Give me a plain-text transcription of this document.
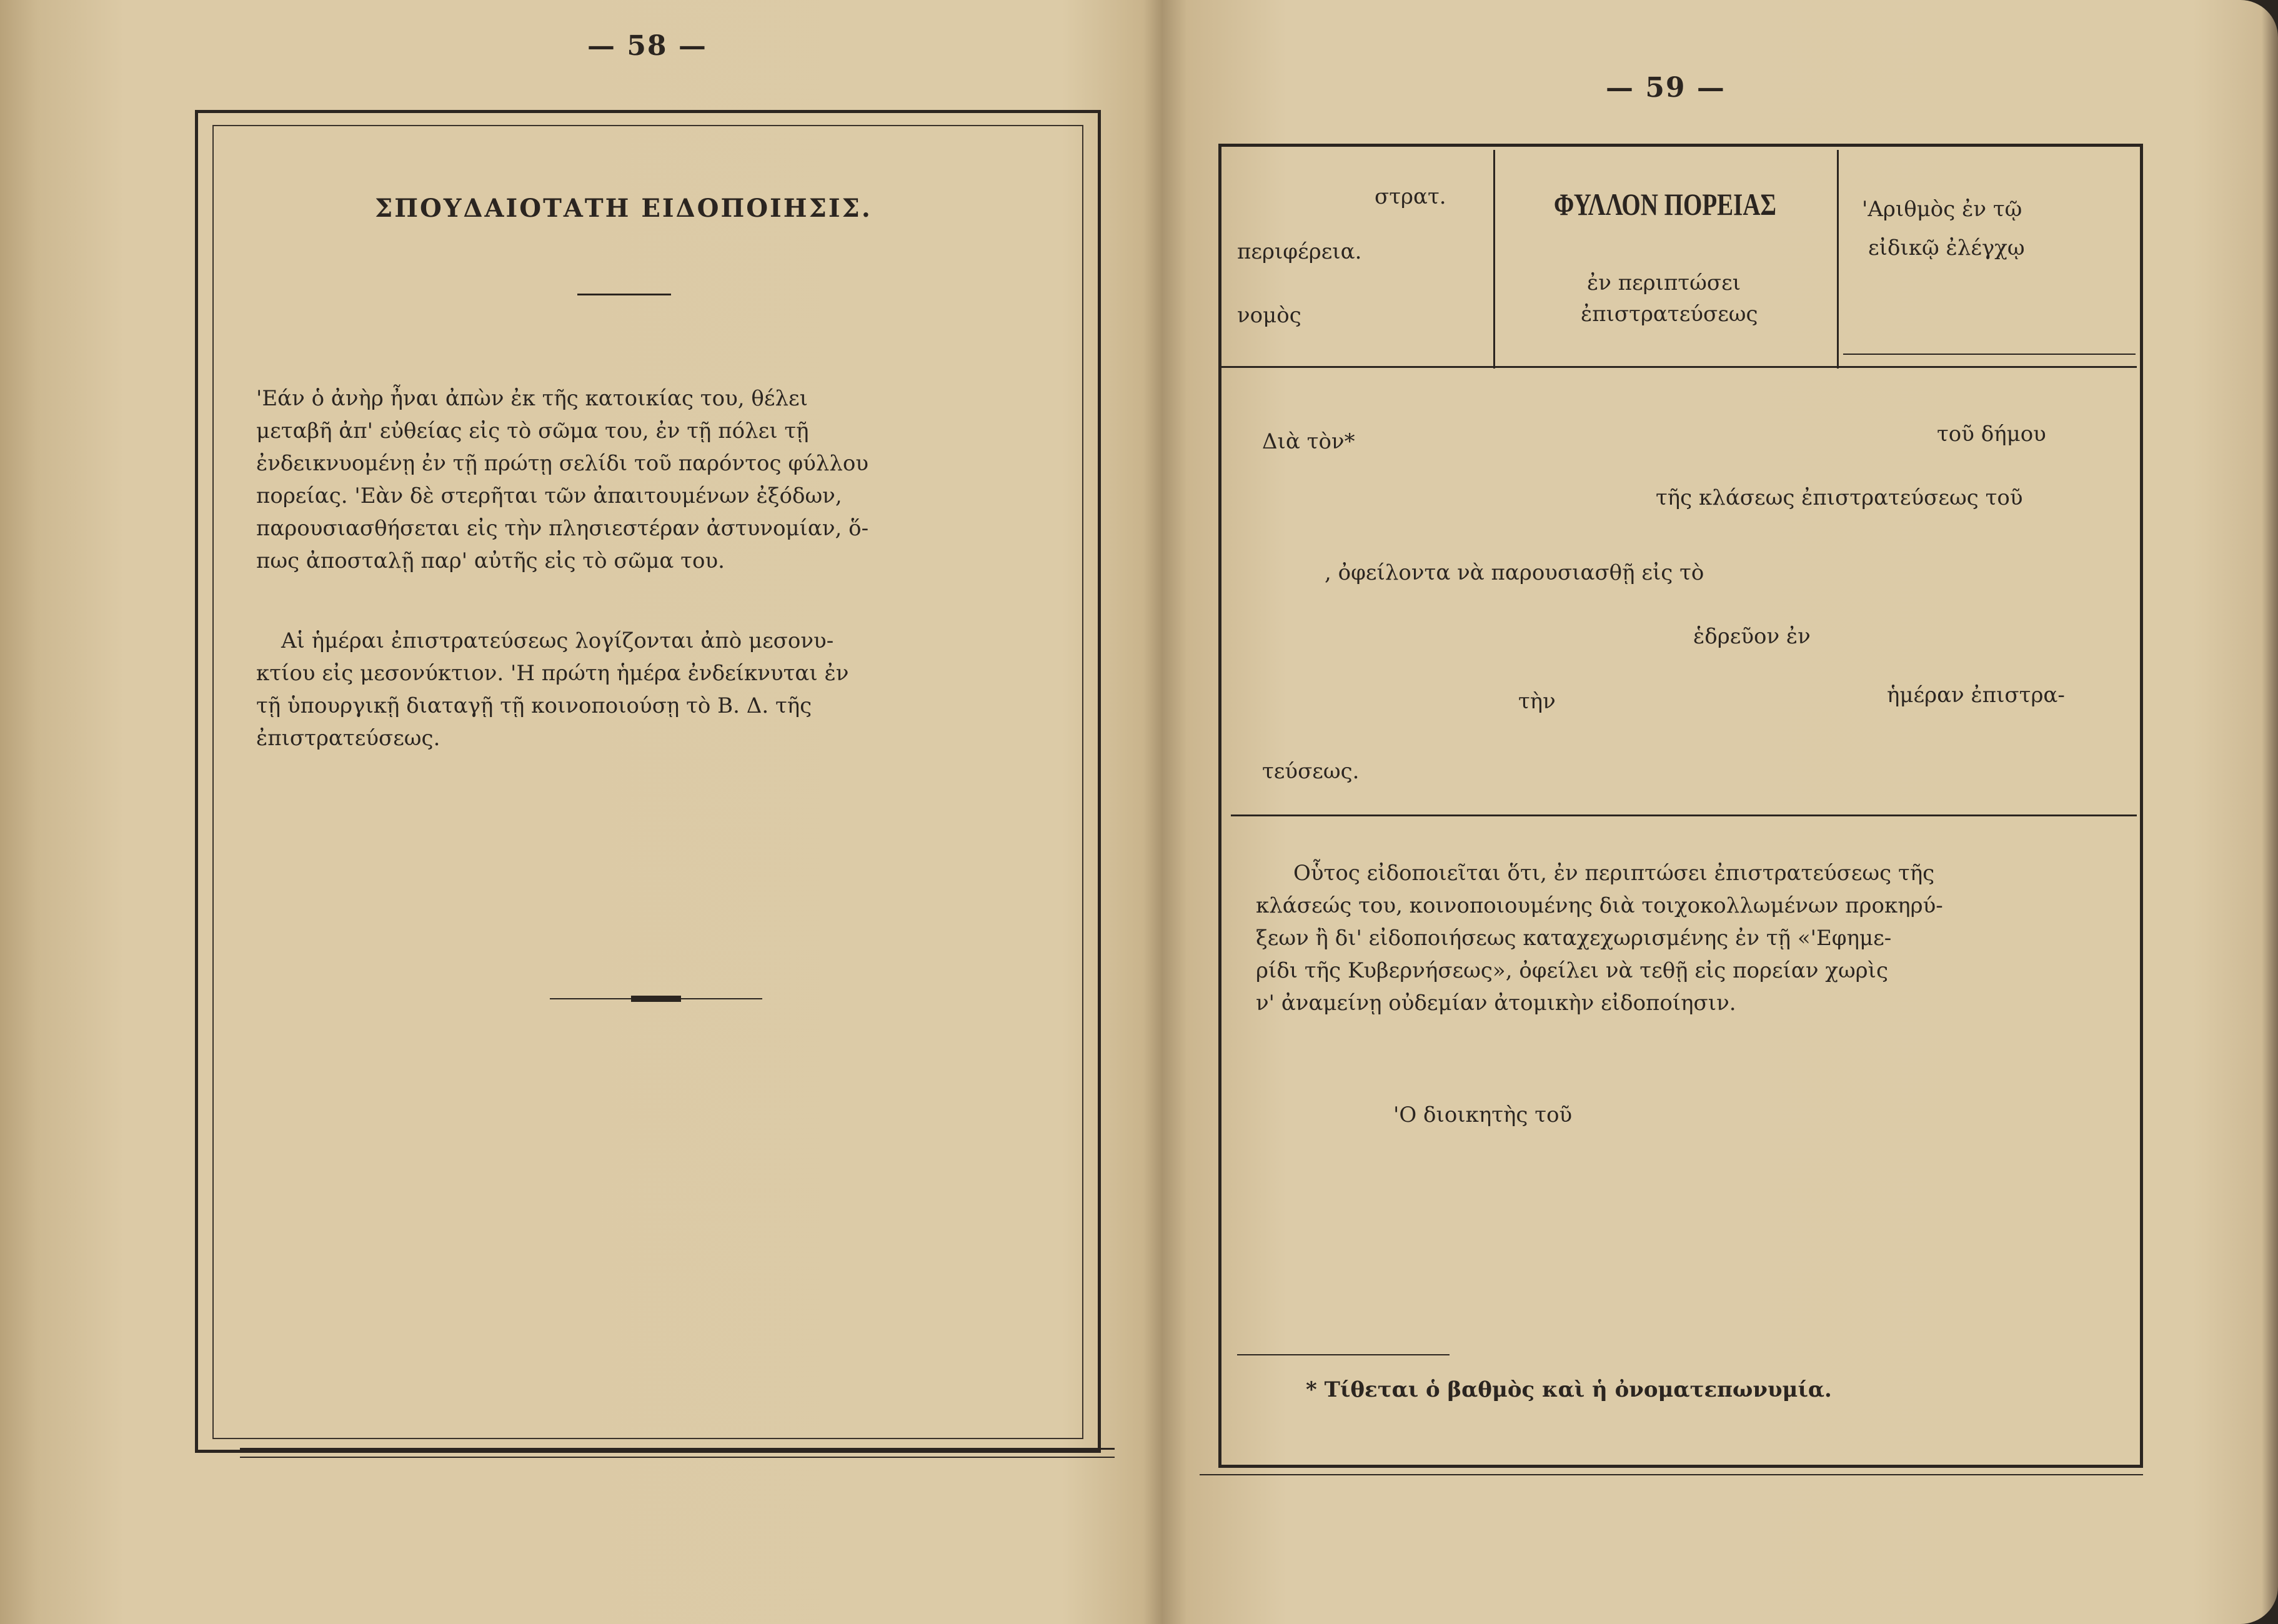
— 58 —
ΣΠΟΥΔΑΙΟΤΑΤΗ ΕΙΔΟΠΟΙΗΣΙΣ.
'Εάν ὁ ἀνὴρ ἦναι ἀπὼν ἐκ τῆς κατοικίας του, θέλει
μεταβῆ ἀπ' εὐθείας εἰς τὸ σῶμα του, ἐν τῇ πόλει τῇ
ἐνδεικνυομένῃ ἐν τῇ πρώτῃ σελίδι τοῦ παρόντος φύλλου
πορείας. 'Εὰν δὲ στερῆται τῶν ἀπαιτουμένων ἐξόδων,
παρουσιασθήσεται εἰς τὴν πλησιεστέραν ἀστυνομίαν, ὅ-
πως ἀποσταλῇ παρ' αὐτῆς εἰς τὸ σῶμα του.
Αἱ ἡμέραι ἐπιστρατεύσεως λογίζονται ἀπὸ μεσονυ-
κτίου εἰς μεσονύκτιον. 'Η πρώτη ἡμέρα ἐνδείκνυται ἐν
τῇ ὑπουργικῇ διαταγῇ τῇ κοινοποιούσῃ τὸ Β. Δ. τῆς
ἐπιστρατεύσεως.
— 59 —
στρατ.
περιφέρεια.
νομὸς
ΦΥΛΛΟΝ ΠΟΡΕΙΑΣ
ἐν περιπτώσει
ἐπιστρατεύσεως
'Αριθμὸς ἐν τῷ
εἰδικῷ ἐλέγχῳ
Διὰ τὸν*	τοῦ δήμου
τῆς κλάσεως ἐπιστρατεύσεως τοῦ
, ὀφείλοντα νὰ παρουσιασθῇ εἰς τὸ
ἑδρεῦον ἐν
τὴν	ἡμέραν ἐπιστρα-
τεύσεως.
Οὗτος εἰδοποιεῖται ὅτι, ἐν περιπτώσει ἐπιστρατεύσεως τῆς
κλάσεώς του, κοινοποιουμένης διὰ τοιχοκολλωμένων προκηρύ-
ξεων ἢ δι' εἰδοποιήσεως καταχεχωρισμένης ἐν τῇ «'Εφημε-
ρίδι τῆς Κυβερνήσεως», ὀφείλει νὰ τεθῇ εἰς πορείαν χωρὶς
ν' ἀναμείνῃ οὐδεμίαν ἀτομικὴν εἰδοποίησιν.
'Ο διοικητὴς τοῦ
* Τίθεται ὁ βαθμὸς καὶ ἡ ὀνοματεπωνυμία.
